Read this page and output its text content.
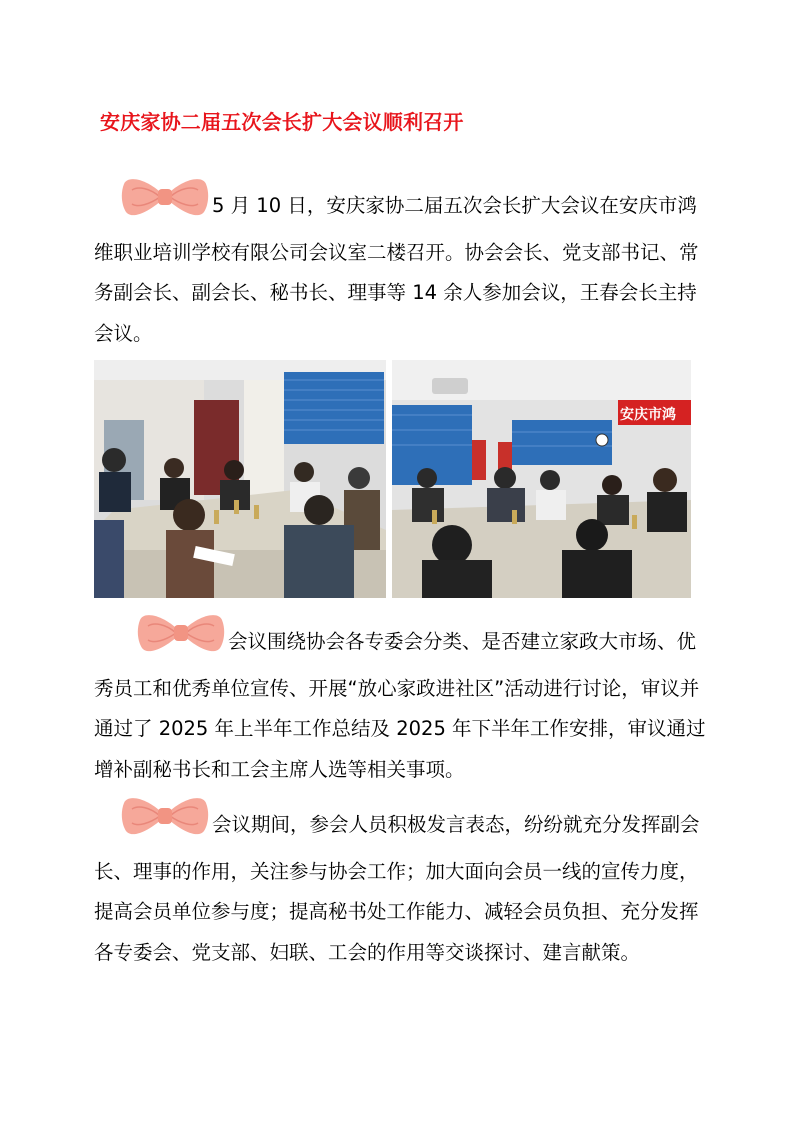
安庆家协二届五次会长扩大会议顺利召开

5 月 10 日，安庆家协二届五次会长扩大会议在安庆市鸿维职业培训学校有限公司会议室二楼召开。协会会长、党支部书记、常务副会长、副会长、秘书长、理事等 14 余人参加会议，王春会长主持会议。

安庆市鸿

会议围绕协会各专委会分类、是否建立家政大市场、优秀员工和优秀单位宣传、开展“放心家政进社区”活动进行讨论，审议并通过了 2025 年上半年工作总结及 2025 年下半年工作安排，审议通过增补副秘书长和工会主席人选等相关事项。

会议期间，参会人员积极发言表态，纷纷就充分发挥副会长、理事的作用，关注参与协会工作；加大面向会员一线的宣传力度，提高会员单位参与度；提高秘书处工作能力、减轻会员负担、充分发挥各专委会、党支部、妇联、工会的作用等交谈探讨、建言献策。
